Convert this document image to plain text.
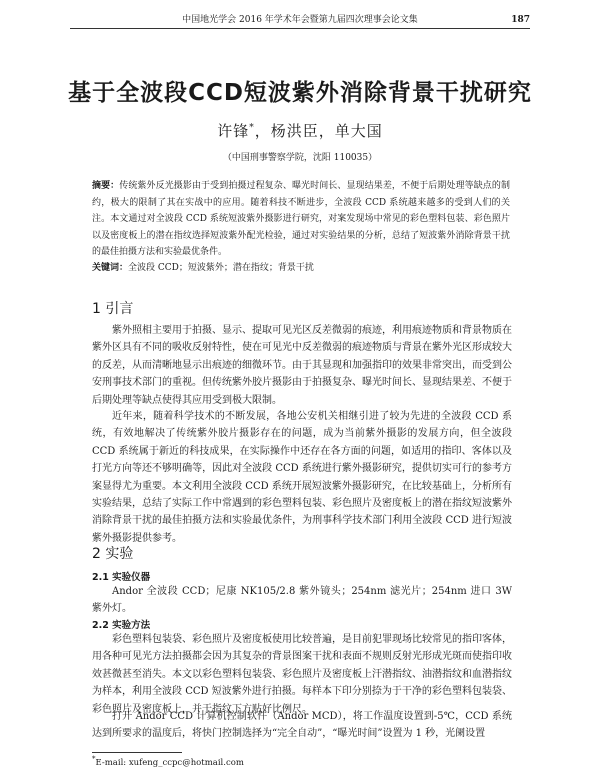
中国地光学会 2016 年学术年会暨第九届四次理事会论文集	187
基于全波段CCD短波紫外消除背景干扰研究
许锋*，杨洪臣，单大国
（中国刑事警察学院，沈阳 110035）
摘要：传统紫外反光摄影由于受到拍摄过程复杂、曝光时间长、显现结果差，不便于后期处理等缺点的制约，极大的限制了其在实战中的应用。随着科技不断进步，全波段 CCD 系统越来越多的受到人们的关注。本文通过对全波段 CCD 系统短波紫外摄影进行研究，对案发现场中常见的彩色塑料包装、彩色照片以及密度板上的潜在指纹选择短波紫外配光检验，通过对实验结果的分析，总结了短波紫外消除背景干扰的最佳拍摄方法和实验最优条件。
关键词：全波段 CCD；短波紫外；潜在指纹；背景干扰
1 引言
紫外照相主要用于拍摄、显示、提取可见光区反差微弱的痕迹，利用痕迹物质和背景物质在紫外区具有不同的吸收反射特性，使在可见光中反差微弱的痕迹物质与背景在紫外光区形成较大的反差，从而清晰地显示出痕迹的细微环节。由于其显现和加强指印的效果非常突出，而受到公安刑事技术部门的重视。但传统紫外胶片摄影由于拍摄复杂、曝光时间长、显现结果差、不便于后期处理等缺点使得其应用受到极大限制。
近年来，随着科学技术的不断发展，各地公安机关相继引进了较为先进的全波段 CCD 系统，有效地解决了传统紫外胶片摄影存在的问题，成为当前紫外摄影的发展方向，但全波段 CCD 系统属于新近的科技成果，在实际操作中还存在各方面的问题，如适用的指印、客体以及打光方向等还不够明确等，因此对全波段 CCD 系统进行紫外摄影研究，提供切实可行的参考方案显得尤为重要。本文利用全波段 CCD 系统开展短波紫外摄影研究，在比较基础上，分析所有实验结果，总结了实际工作中常遇到的彩色塑料包装、彩色照片及密度板上的潜在指纹短波紫外消除背景干扰的最佳拍摄方法和实验最优条件，为刑事科学技术部门利用全波段 CCD 进行短波紫外摄影提供参考。
2 实验
2.1 实验仪器
Andor 全波段 CCD；尼康 NK105/2.8 紫外镜头；254nm 滤光片；254nm 进口 3W 紫外灯。
2.2 实验方法
彩色塑料包装袋、彩色照片及密度板使用比较普遍，是目前犯罪现场比较常见的指印客体，用各种可见光方法拍摄都会因为其复杂的背景图案干扰和表面不规则反射光形成光斑而使指印收效甚微甚至消失。本文以彩色塑料包装袋、彩色照片及密度板上汗潜指纹、油潜指纹和血潜指纹为样本，利用全波段 CCD 短波紫外进行拍摄。每样本下印分别捺为于干净的彩色塑料包装袋、彩色照片及密度板上，并于指纹下方贴好比例尺。
打开 Andor CCD 计算机控制软件（Andor MCD），将工作温度设置到-5℃，CCD 系统达到所要求的温度后，将快门控制选择为“完全自动”，“曝光时间”设置为 1 秒，光阑设置
*E-mail: xufeng_ccpc@hotmail.com
